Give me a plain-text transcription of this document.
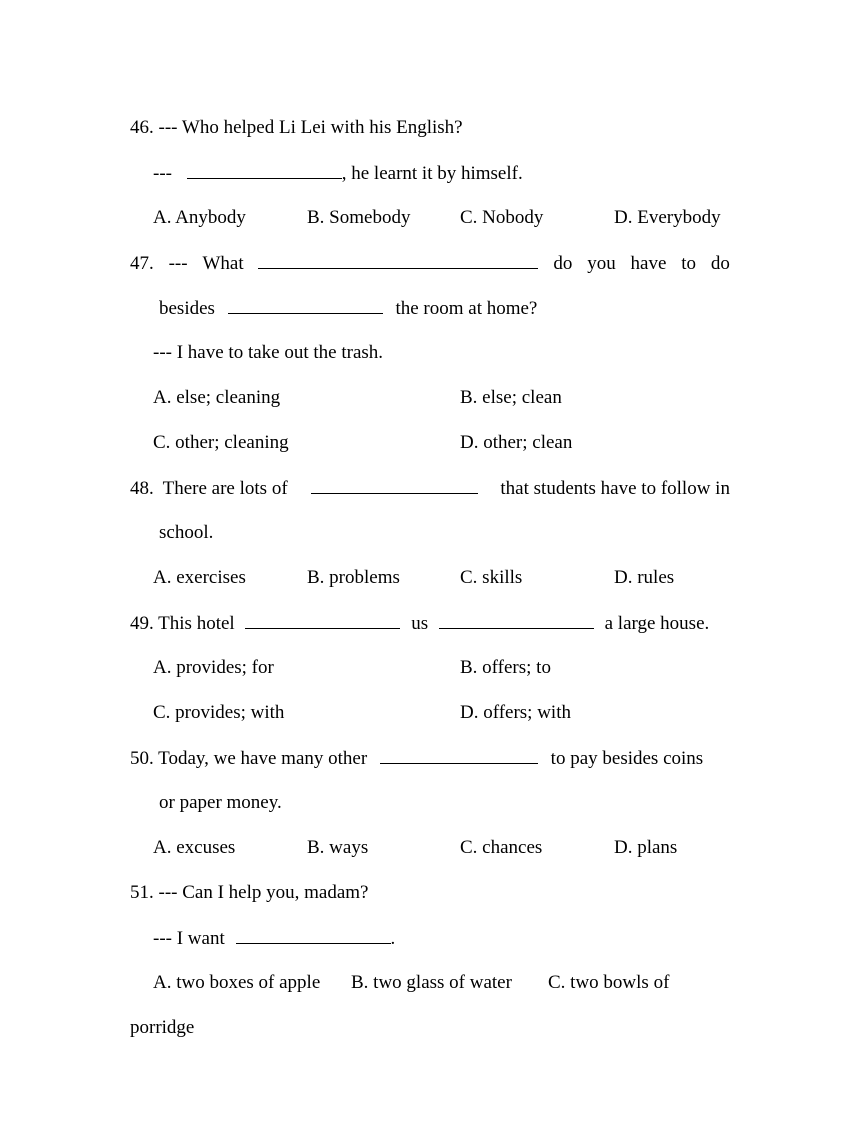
46. --- Who helped Li Lei with his English?
---	, he learnt it by himself.
A. Anybody	B. Somebody	C. Nobody	D. Everybody
47. --- What	do you have to do
besides	the room at home?
--- I have to take out the trash.
A. else; cleaning	B. else; clean
C. other; cleaning	D. other; clean
48. There are lots of	that students have to follow in
school.
A. exercises	B. problems	C. skills	D. rules
49. This hotel	us	a large house.
A. provides; for	B. offers; to
C. provides; with	D. offers; with
50. Today, we have many other	to pay besides coins
or paper money.
A. excuses	B. ways	C. chances	D. plans
51. --- Can I help you, madam?
--- I want	.
A. two boxes of apple B. two glass of water C. two bowls of
porridge
